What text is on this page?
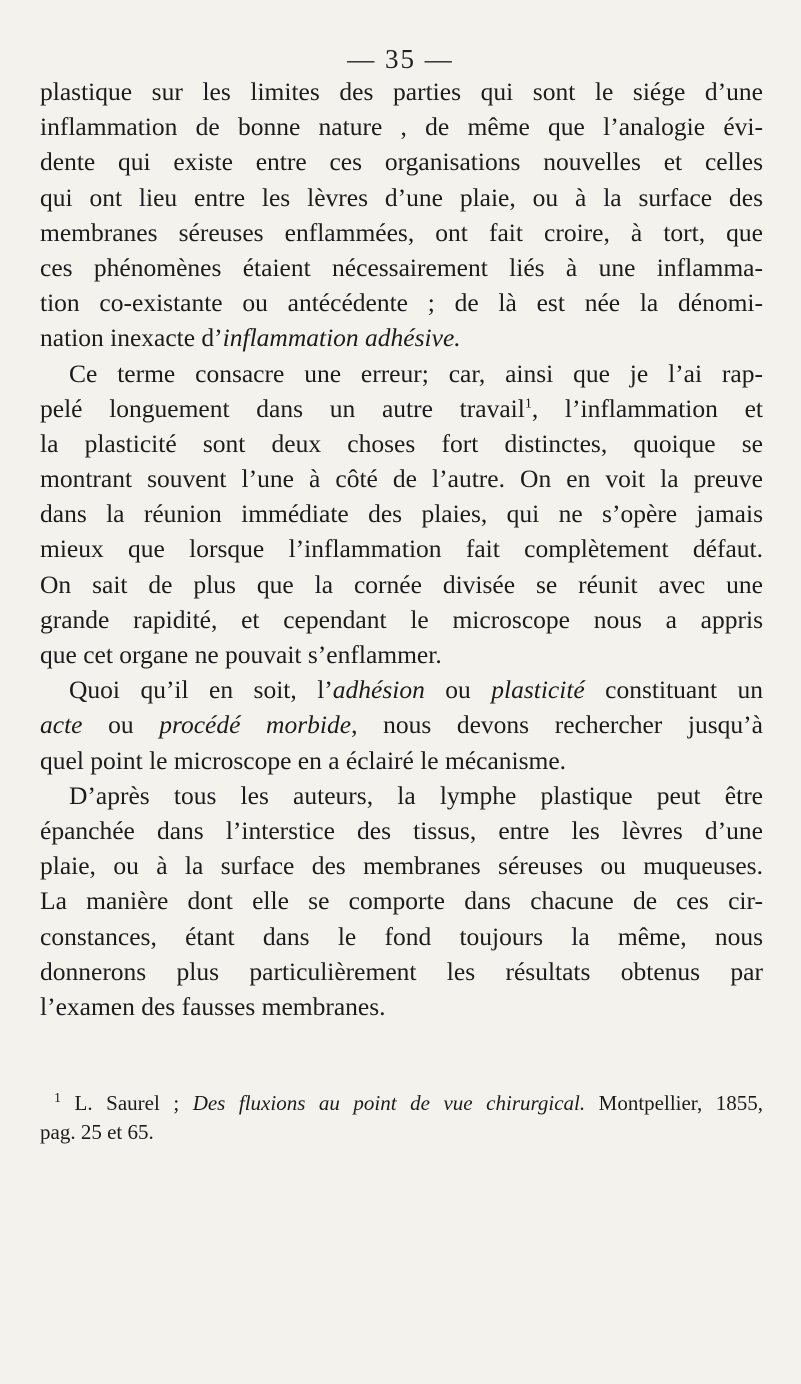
— 35 —
plastique sur les limites des parties qui sont le siége d’une
inflammation de bonne nature , de même que l’analogie évi-
dente qui existe entre ces organisations nouvelles et celles
qui ont lieu entre les lèvres d’une plaie, ou à la surface des
membranes séreuses enflammées, ont fait croire, à tort, que
ces phénomènes étaient nécessairement liés à une inflamma-
tion co-existante ou antécédente ; de là est née la dénomi-
nation inexacte d’inflammation adhésive.
Ce terme consacre une erreur; car, ainsi que je l’ai rap-
pelé longuement dans un autre travail$^1$, l’inflammation et
la plasticité sont deux choses fort distinctes, quoique se
montrant souvent l’une à côté de l’autre. On en voit la preuve
dans la réunion immédiate des plaies, qui ne s’opère jamais
mieux que lorsque l’inflammation fait complètement défaut.
On sait de plus que la cornée divisée se réunit avec une
grande rapidité, et cependant le microscope nous a appris
que cet organe ne pouvait s’enflammer.
Quoi qu’il en soit, l’adhésion ou plasticité constituant un
acte ou procédé morbide, nous devons rechercher jusqu’à
quel point le microscope en a éclairé le mécanisme.
D’après tous les auteurs, la lymphe plastique peut être
épanchée dans l’interstice des tissus, entre les lèvres d’une
plaie, ou à la surface des membranes séreuses ou muqueuses.
La manière dont elle se comporte dans chacune de ces cir-
constances, étant dans le fond toujours la même, nous
donnerons plus particulièrement les résultats obtenus par
l’examen des fausses membranes.
$^1$ L. Saurel ; Des fluxions au point de vue chirurgical. Montpellier, 1855,
pag. 25 et 65.
